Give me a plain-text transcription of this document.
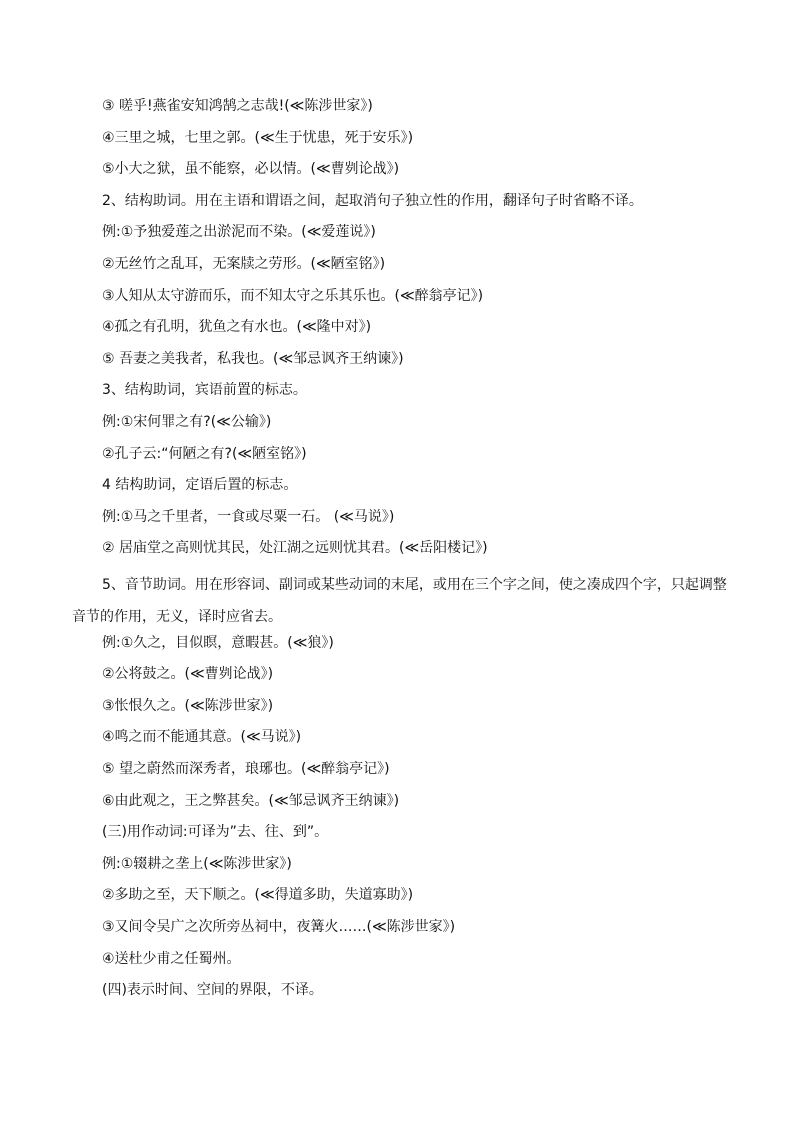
③ 嗟乎!燕雀安知鸿鹄之志哉!(≪陈涉世家》)
④三里之城，七里之郭。(≪生于忧患，死于安乐》)
⑤小大之狱，虽不能察，必以情。(≪曹刿论战》)
2、结构助词。用在主语和谓语之间，起取消句子独立性的作用，翻译句子时省略不译。
例:①予独爱莲之出淤泥而不染。(≪爱莲说》)
②无丝竹之乱耳，无案牍之劳形。(≪陋室铭》)
③人知从太守游而乐，而不知太守之乐其乐也。(≪醉翁亭记》)
④孤之有孔明，犹鱼之有水也。(≪隆中对》)
⑤ 吾妻之美我者，私我也。(≪邹忌讽齐王纳谏》)
3、结构助词，宾语前置的标志。
例:①宋何罪之有?(≪公输》)
②孔子云:“何陋之有?(≪陋室铭》)
4 结构助词，定语后置的标志。
例:①马之千里者，一食或尽粟一石。 (≪马说》)
② 居庙堂之高则忧其民，处江湖之远则忧其君。(≪岳阳楼记》)
5、音节助词。用在形容词、副词或某些动词的末尾，或用在三个字之间，使之凑成四个字，只起调整音节的作用，无义，译时应省去。
例:①久之，目似瞑，意暇甚。(≪狼》)
②公将鼓之。(≪曹刿论战》)
③怅恨久之。(≪陈涉世家》)
④鸣之而不能通其意。(≪马说》)
⑤ 望之蔚然而深秀者，琅琊也。(≪醉翁亭记》)
⑥由此观之，王之弊甚矣。(≪邹忌讽齐王纳谏》)
(三)用作动词:可译为”去、往、到”。
例:①辍耕之垄上(≪陈涉世家》)
②多助之至，天下顺之。(≪得道多助，失道寡助》)
③又间令吴广之次所旁丛祠中，夜篝火……(≪陈涉世家》)
④送杜少甫之任蜀州。
(四)表示时间、空间的界限，不译。
